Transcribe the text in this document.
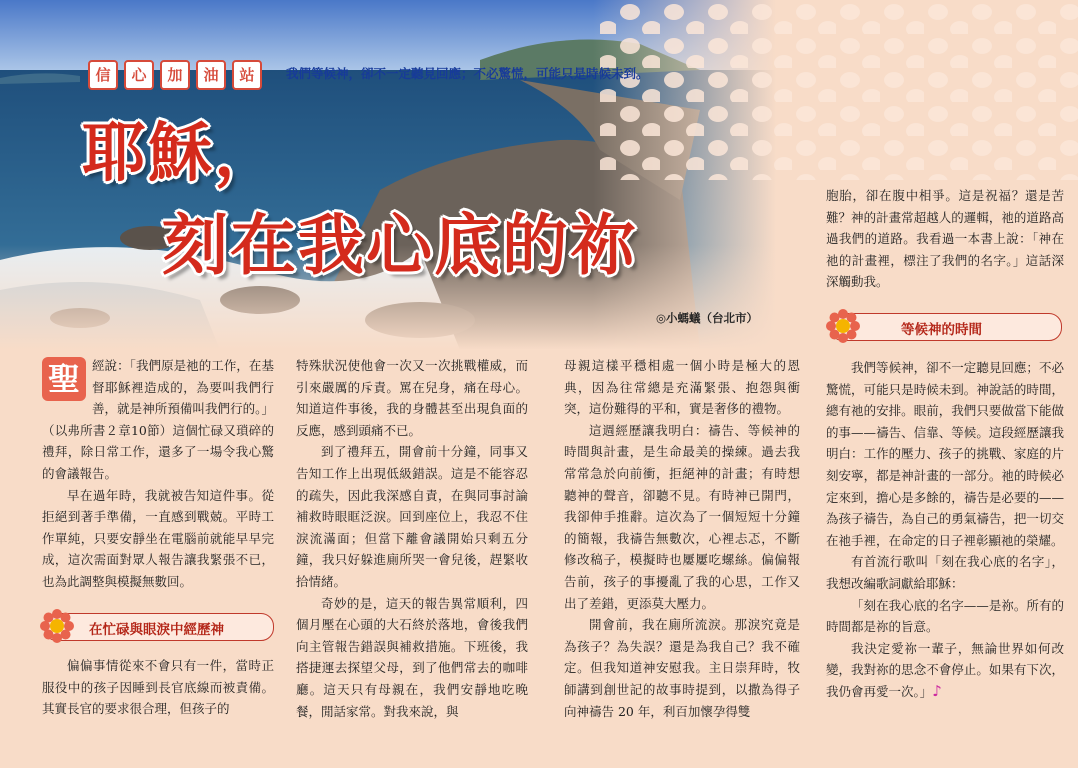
信	心	加	油	站	我們等候神，卻不一定聽見回應；不必驚慌，可能只是時候未到。
耶穌，
刻在我心底的祢
◎小螞蟻（台北市）

聖 經說：「我們原是祂的工作，在基督耶穌裡造成的，為要叫我們行善，就是神所預備叫我們行的。」（以弗所書２章10節）這個忙碌又瑣碎的禮拜，除日常工作，還多了一場令我心驚的會議報告。

早在過年時，我就被告知這件事。從拒絕到著手準備，一直感到戰兢。平時工作單純，只要安靜坐在電腦前就能早早完成，這次需面對眾人報告讓我緊張不已，也為此調整與模擬無數回。

在忙碌與眼淚中經歷神

偏偏事情從來不會只有一件，當時正服役中的孩子因睡到長官底線而被責備。其實長官的要求很合理，但孩子的

特殊狀況使他會一次又一次挑戰權威，而引來嚴厲的斥責。罵在兒身，痛在母心。知道這件事後，我的身體甚至出現負面的反應，感到頭痛不已。

到了禮拜五，開會前十分鐘，同事又告知工作上出現低級錯誤。這是不能容忍的疏失，因此我深感自責，在與同事討論補救時眼眶泛淚。回到座位上，我忍不住淚流滿面；但當下離會議開始只剩五分鐘，我只好躲進廁所哭一會兒後，趕緊收拾情緒。

奇妙的是，這天的報告異常順利，四個月壓在心頭的大石終於落地，會後我們向主管報告錯誤與補救措施。下班後，我搭捷運去探望父母，到了他們常去的咖啡廳。這天只有母親在，我們安靜地吃晚餐，閒話家常。對我來說，與

母親這樣平穩相處一個小時是極大的恩典，因為往常總是充滿緊張、抱怨與衝突，這份難得的平和，實是奢侈的禮物。

這週經歷讓我明白：禱告、等候神的時間與計畫，是生命最美的操練。過去我常常急於向前衝，拒絕神的計畫；有時想聽神的聲音，卻聽不見。有時神已開門，我卻伸手推辭。這次為了一個短短十分鐘的簡報，我禱告無數次，心裡忐忑，不斷修改稿子，模擬時也屢屢吃螺絲。偏偏報告前，孩子的事擾亂了我的心思，工作又出了差錯，更添莫大壓力。

開會前，我在廁所流淚。那淚究竟是為孩子？為失誤？還是為我自己？我不確定。但我知道神安慰我。主日崇拜時，牧師講到創世記的故事時提到，以撒為得子向神禱告 20 年，利百加懷孕得雙

胞胎，卻在腹中相爭。這是祝福？還是苦難？神的計畫常超越人的邏輯，祂的道路高過我們的道路。我看過一本書上說：「神在祂的計畫裡，標注了我們的名字。」這話深深觸動我。

等候神的時間

我們等候神，卻不一定聽見回應；不必驚慌，可能只是時候未到。神說話的時間，總有祂的安排。眼前，我們只要做當下能做的事——禱告、信靠、等候。這段經歷讓我明白：工作的壓力、孩子的挑戰、家庭的片刻安寧，都是神計畫的一部分。祂的時候必定來到，擔心是多餘的，禱告是必要的——為孩子禱告，為自己的勇氣禱告，把一切交在祂手裡，在命定的日子裡彰顯祂的榮耀。

有首流行歌叫「刻在我心底的名字」，我想改編歌詞獻給耶穌：

「刻在我心底的名字——是祢。所有的時間都是祢的旨意。

我決定愛祢一輩子，無論世界如何改變，我對祢的思念不會停止。如果有下次，我仍會再愛一次。」♪
